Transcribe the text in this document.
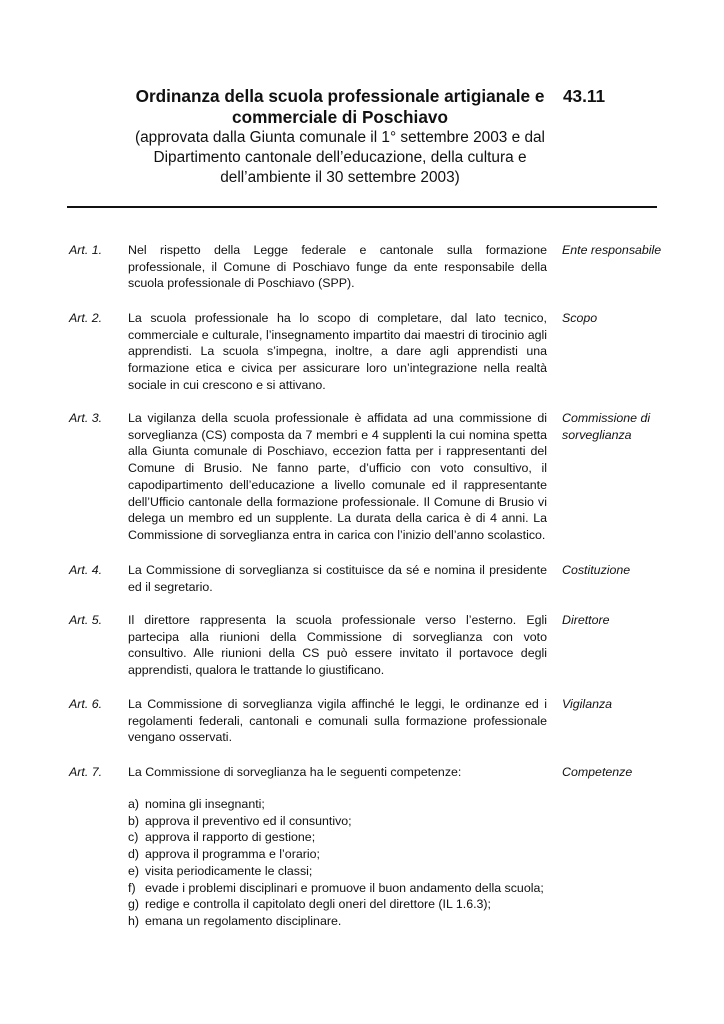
Ordinanza della scuola professionale artigianale e

commerciale di Poschiavo

(approvata dalla Giunta comunale il 1° settembre 2003 e dal

Dipartimento cantonale dell’educazione, della cultura e

dell’ambiente il 30 settembre 2003)

43.11
Art. 1. Nel rispetto della Legge federale e cantonale sulla formazione professionale, il Comune di Poschiavo funge da ente responsabile della scuola professionale di Poschiavo (SPP).
Ente responsabile
Art. 2. La scuola professionale ha lo scopo di completare, dal lato tecnico, commerciale e culturale, l’insegnamento impartito dai maestri di tirocinio agli apprendisti. La scuola s’impegna, inoltre, a dare agli apprendisti una formazione etica e civica per assicurare loro un’integrazione nella realtà sociale in cui crescono e si attivano.
Scopo
Art. 3. La vigilanza della scuola professionale è affidata ad una commissione di sorveglianza (CS) composta da 7 membri e 4 supplenti la cui nomina spetta alla Giunta comunale di Poschiavo, eccezion fatta per i rappresentanti del Comune di Brusio. Ne fanno parte, d’ufficio con voto consultivo, il capodipartimento dell’educazione a livello comunale ed il rappresentante dell’Ufficio cantonale della formazione professionale. Il Comune di Brusio vi delega un membro ed un supplente. La durata della carica è di 4 anni. La Commissione di sorveglianza entra in carica con l’inizio dell’anno scolastico.
Commissione di sorveglianza
Art. 4. La Commissione di sorveglianza si costituisce da sé e nomina il presidente ed il segretario.
Costituzione
Art. 5. Il direttore rappresenta la scuola professionale verso l’esterno. Egli partecipa alla riunioni della Commissione di sorveglianza con voto consultivo. Alle riunioni della CS può essere invitato il portavoce degli apprendisti, qualora le trattande lo giustificano.
Direttore
Art. 6. La Commissione di sorveglianza vigila affinché le leggi, le ordinanze ed i regolamenti federali, cantonali e comunali sulla formazione professionale vengano osservati.
Vigilanza
Art. 7. La Commissione di sorveglianza ha le seguenti competenze:	Competenze
a) nomina gli insegnanti;
b) approva il preventivo ed il consuntivo;
c) approva il rapporto di gestione;
d) approva il programma e l’orario;
e) visita periodicamente le classi;
f) evade i problemi disciplinari e promuove il buon andamento della scuola;
g) redige e controlla il capitolato degli oneri del direttore (IL 1.6.3);
h) emana un regolamento disciplinare.
